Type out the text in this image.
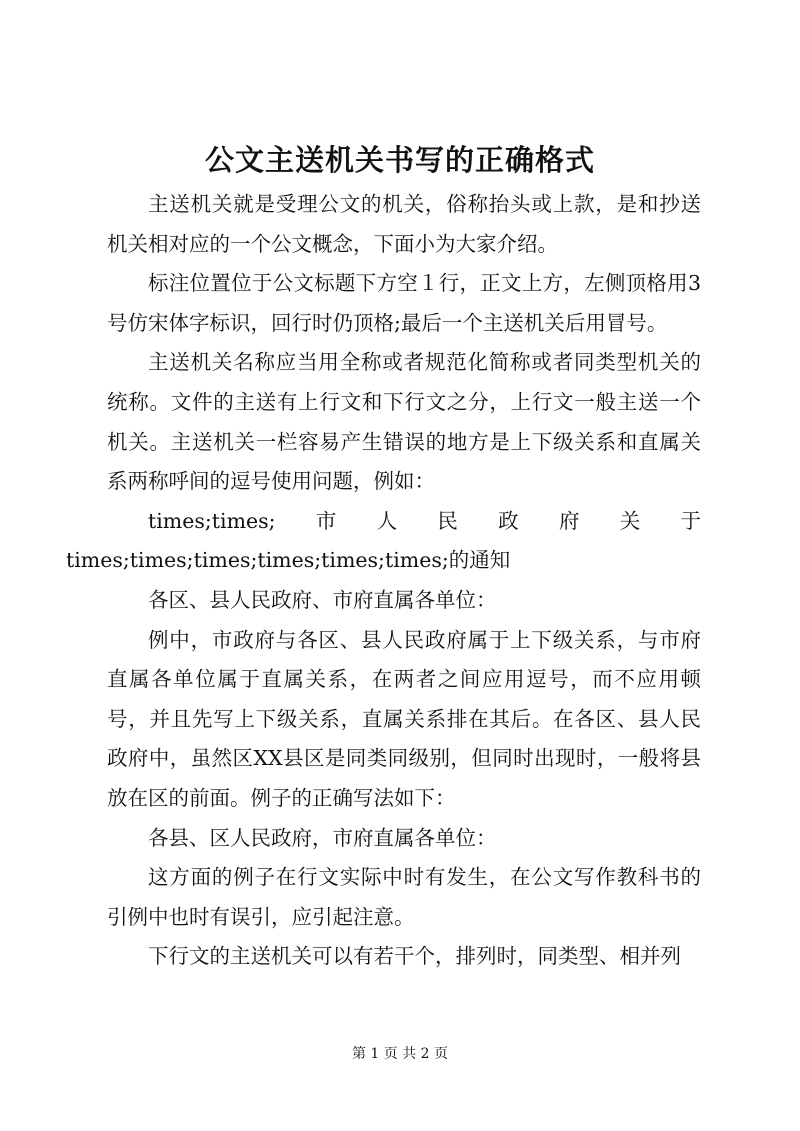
公文主送机关书写的正确格式

主送机关就是受理公文的机关，俗称抬头或上款，是和抄送机关相对应的一个公文概念，下面小为大家介绍。

标注位置位于公文标题下方空１行，正文上方，左侧顶格用3号仿宋体字标识，回行时仍顶格;最后一个主送机关后用冒号。

主送机关名称应当用全称或者规范化简称或者同类型机关的统称。文件的主送有上行文和下行文之分，上行文一般主送一个机关。主送机关一栏容易产生错误的地方是上下级关系和直属关系两称呼间的逗号使用问题，例如：

times;times;　市　人　民　政　府　关　于
times;times;times;times;times;times;的通知

各区、县人民政府、市府直属各单位：

例中，市政府与各区、县人民政府属于上下级关系，与市府直属各单位属于直属关系，在两者之间应用逗号，而不应用顿号，并且先写上下级关系，直属关系排在其后。在各区、县人民政府中，虽然区XX县区是同类同级别，但同时出现时，一般将县放在区的前面。例子的正确写法如下：

各县、区人民政府，市府直属各单位：

这方面的例子在行文实际中时有发生，在公文写作教科书的引例中也时有误引，应引起注意。

下行文的主送机关可以有若干个，排列时，同类型、相并列

第 1 页 共 2 页
